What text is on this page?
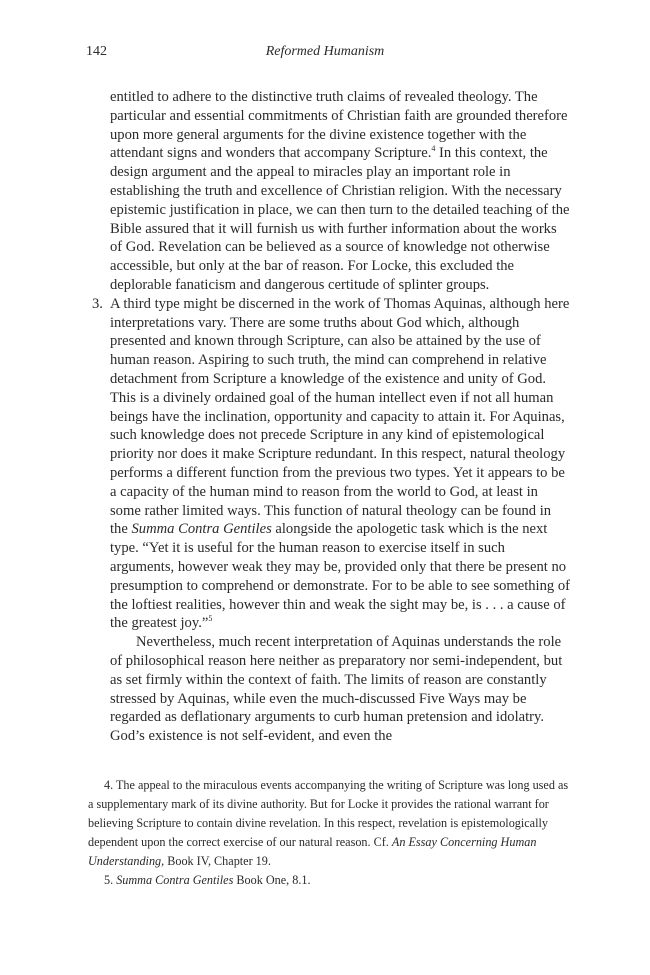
142	Reformed Humanism

entitled to adhere to the distinctive truth claims of revealed theology. The particular and essential commitments of Christian faith are grounded therefore upon more general arguments for the divine existence together with the attendant signs and wonders that accompany Scripture.$^4$ In this context, the design argument and the appeal to miracles play an important role in establishing the truth and excellence of Christian religion. With the necessary epistemic justification in place, we can then turn to the detailed teaching of the Bible assured that it will furnish us with further information about the works of God. Revelation can be believed as a source of knowledge not otherwise accessible, but only at the bar of reason. For Locke, this excluded the deplorable fanaticism and dangerous certitude of splinter groups.

3. A third type might be discerned in the work of Thomas Aquinas, although here interpretations vary. There are some truths about God which, although presented and known through Scripture, can also be attained by the use of human reason. Aspiring to such truth, the mind can comprehend in relative detachment from Scripture a knowledge of the existence and unity of God. This is a divinely ordained goal of the human intellect even if not all human beings have the inclination, opportunity and capacity to attain it. For Aquinas, such knowledge does not precede Scripture in any kind of epistemological priority nor does it make Scripture redundant. In this respect, natural theology performs a different function from the previous two types. Yet it appears to be a capacity of the human mind to reason from the world to God, at least in some rather limited ways. This function of natural theology can be found in the Summa Contra Gentiles alongside the apologetic task which is the next type. “Yet it is useful for the human reason to exercise itself in such arguments, however weak they may be, provided only that there be present no presumption to comprehend or demonstrate. For to be able to see something of the loftiest realities, however thin and weak the sight may be, is . . . a cause of the greatest joy.”$^5$

Nevertheless, much recent interpretation of Aquinas understands the role of philosophical reason here neither as preparatory nor semi-independent, but as set firmly within the context of faith. The limits of reason are constantly stressed by Aquinas, while even the much-discussed Five Ways may be regarded as deflationary arguments to curb human pretension and idolatry. God’s existence is not self-evident, and even the

4. The appeal to the miraculous events accompanying the writing of Scripture was long used as a supplementary mark of its divine authority. But for Locke it provides the rational warrant for believing Scripture to contain divine revelation. In this respect, revelation is epistemologically dependent upon the correct exercise of our natural reason. Cf. An Essay Concerning Human Understanding, Book IV, Chapter 19.

5. Summa Contra Gentiles Book One, 8.1.
